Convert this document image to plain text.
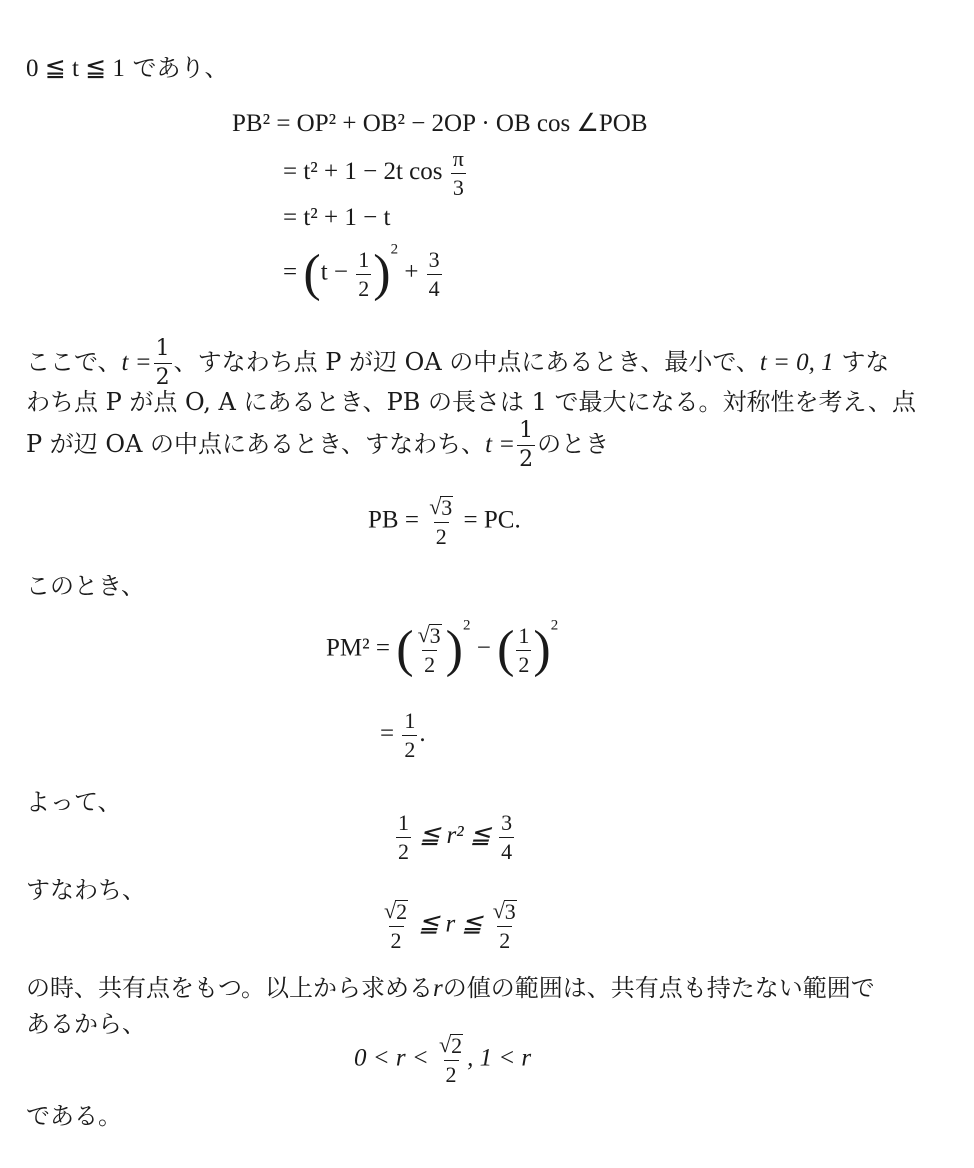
0 ≦ t ≦ 1 であり、
PB² = OP² + OB² − 2OP · OB cos ∠POB
= t² + 1 − 2t $\cos \frac{\pi}{3}$
= t² + 1 − t
= $(t - \frac{1}{2} )^2 + \frac{3}{4}$
ここで、$t = \frac{1}{2}$ 、すなわち点 P が辺 OA の中点にあるとき、最小で、t = 0, 1 すな
わち点 P が点 O, A にあるとき、PB の長さは 1 で最大になる。対称性を考え、点
P が辺 OA の中点にあるとき、すなわち、$t = \frac{1}{2}$ のとき
PB = $\frac{√ 3}{2}$ = PC.
このとき、
PM² = ( $\frac{√ 3}{2} )^2$ − ( $\frac{1}{2} )^2$
= $\frac{1}{2}$ .
よって、
$\frac{1}{2}$ ≦ r² ≦ $\frac{3}{4}$
すなわち、
$\frac{√ 2}{2}$ ≦ r ≦ $\frac{√ 3}{2}$
の時、共有点をもつ。以上から求めるrの値の範囲は、共有点も持たない範囲で
あるから、
$0 < r < \frac{√ 2}{2}$ , 1 < r
である。
